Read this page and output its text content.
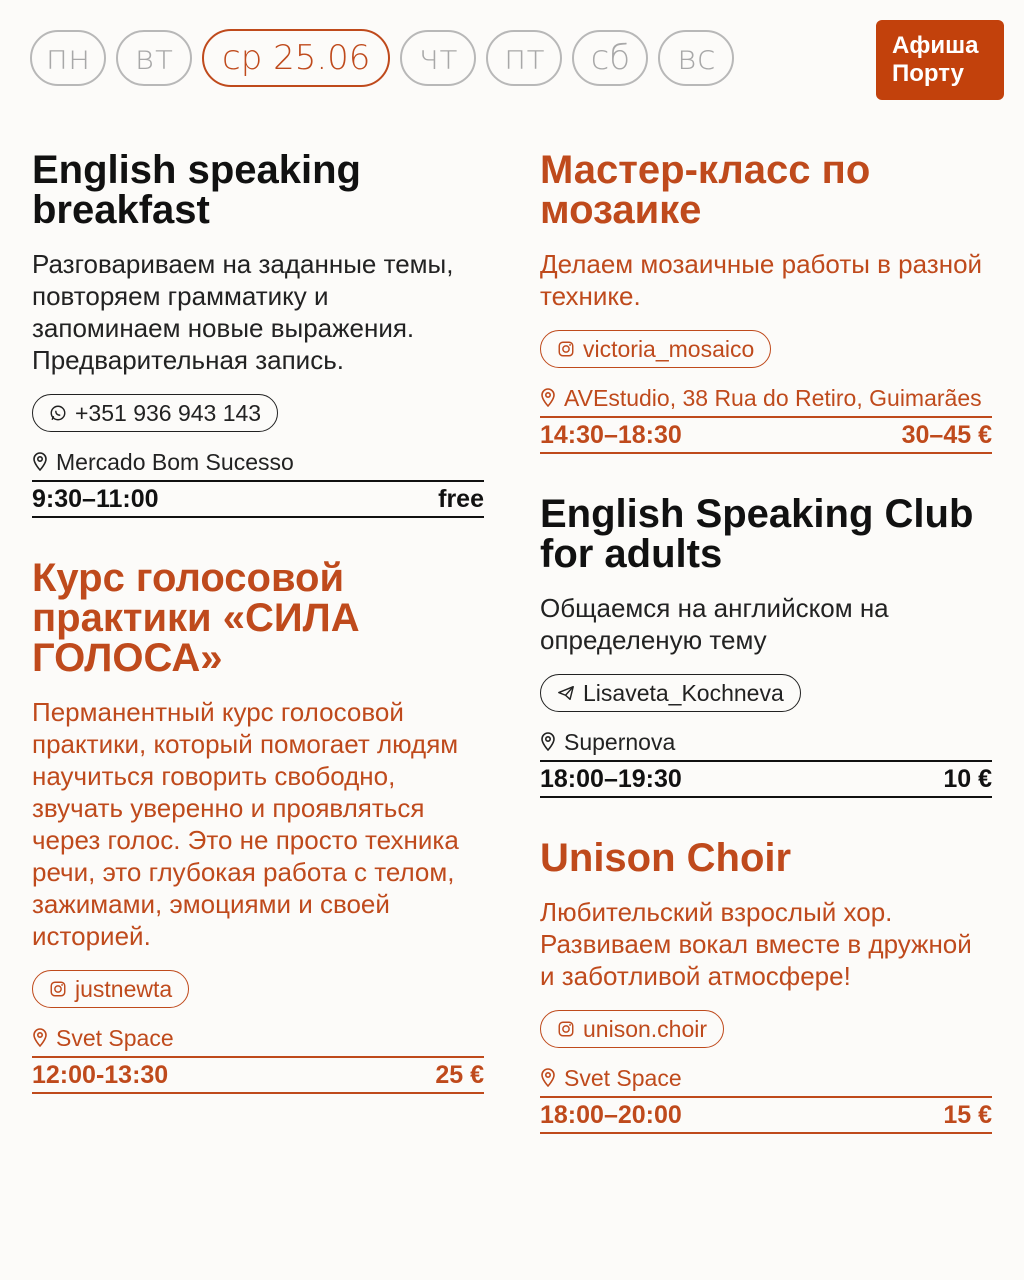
пн	вт	ср 25.06	чт	пт	сб	вс	Афиша
Порту
English speaking breakfast

Разговариваем на заданные темы, повторяем грамматику и запоминаем новые выражения. Предварительная запись.

+351 936 943 143
Mercado Bom Sucesso
9:30–11:00	free
Курс голосовой практики «СИЛА ГОЛОСА»

Перманентный курс голосовой практики, который помогает людям научиться говорить свободно, звучать уверенно и проявляться через голос. Это не просто техника речи, это глубокая работа с телом, зажимами, эмоциями и своей историей.

justnewta
Svet Space
12:00-13:30	25 €
Мастер-класс по мозаике

Делаем мозаичные работы в разной технике.

victoria_mosaico
AVEstudio, 38 Rua do Retiro, Guimarães
14:30–18:30	30–45 €
English Speaking Club for adults

Общаемся на английском на определеную тему

Lisaveta_Kochneva
Supernova
18:00–19:30	10 €
Unison Choir

Любительский взрослый хор. Развиваем вокал вместе в дружной и заботливой атмосфере!

unison.choir
Svet Space
18:00–20:00	15 €
